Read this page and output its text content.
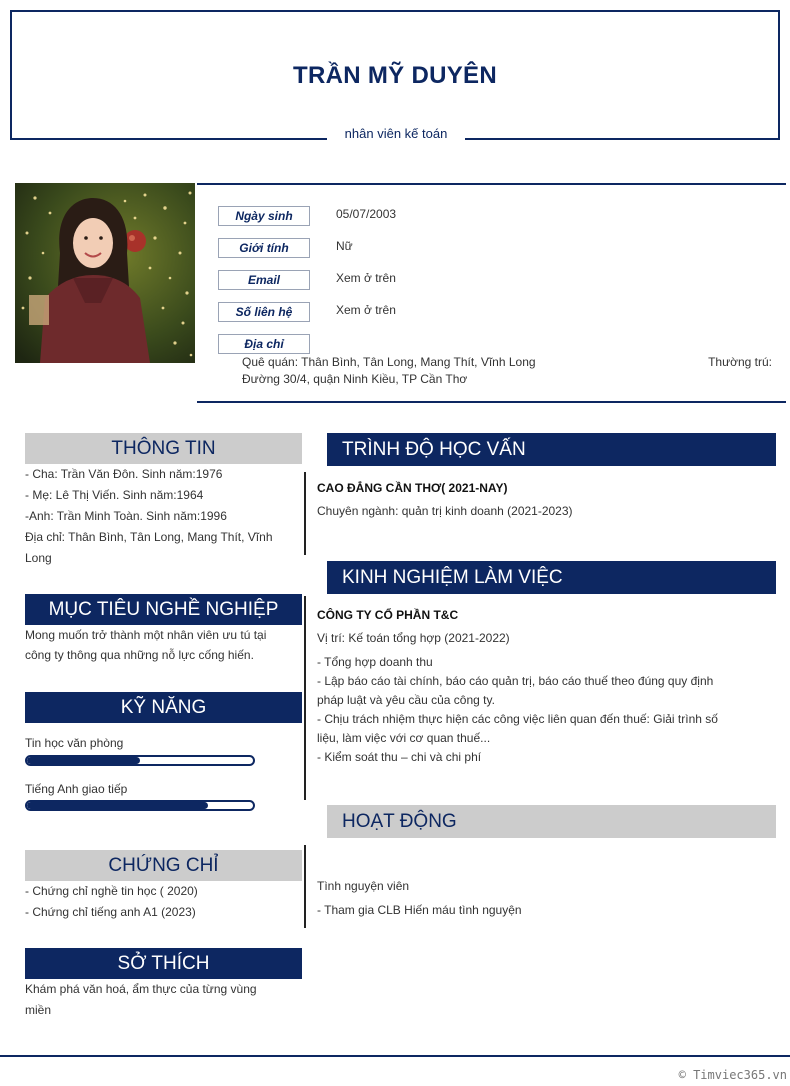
TRẦN MỸ DUYÊN
nhân viên kế toán
Ngày sinh	05/07/2003
Giới tính	Nữ
Email	Xem ở trên
Số liên hệ	Xem ở trên
Địa chỉ
Quê quán: Thân Bình, Tân Long, Mang Thít, Vĩnh Long	Thường trú:
Đường 30/4, quận Ninh Kiều, TP Cần Thơ
THÔNG TIN
- Cha: Trần Văn Đôn. Sinh năm:1976
- Mẹ: Lê Thị Viến. Sinh năm:1964
-Anh: Trần Minh Toàn. Sinh năm:1996
Địa chỉ: Thân Bình, Tân Long, Mang Thít, Vĩnh
Long
MỤC TIÊU NGHỀ NGHIỆP
Mong muốn trở thành một nhân viên ưu tú tại
công ty thông qua những nỗ lực cống hiến.
KỸ NĂNG
Tin học văn phòng
Tiếng Anh giao tiếp
CHỨNG CHỈ
- Chứng chỉ nghề tin học ( 2020)
- Chứng chỉ tiếng anh A1 (2023)
SỞ THÍCH
Khám phá văn hoá, ẩm thực của từng vùng
miền
TRÌNH ĐỘ HỌC VẤN
CAO ĐẲNG CẦN THƠ( 2021-NAY)
Chuyên ngành: quản trị kinh doanh (2021-2023)
KINH NGHIỆM LÀM VIỆC
CÔNG TY CỔ PHẦN T&C
Vị trí: Kế toán tổng hợp (2021-2022)
- Tổng hợp doanh thu
- Lập báo cáo tài chính, báo cáo quản trị, báo cáo thuế theo đúng quy định
pháp luật và yêu cầu của công ty.
- Chịu trách nhiệm thực hiện các công việc liên quan đến thuế: Giải trình số
liệu, làm việc với cơ quan thuế...
- Kiểm soát thu – chi và chi phí
HOẠT ĐỘNG
Tình nguyện viên
- Tham gia CLB Hiến máu tình nguyện
© Timviec365.vn
